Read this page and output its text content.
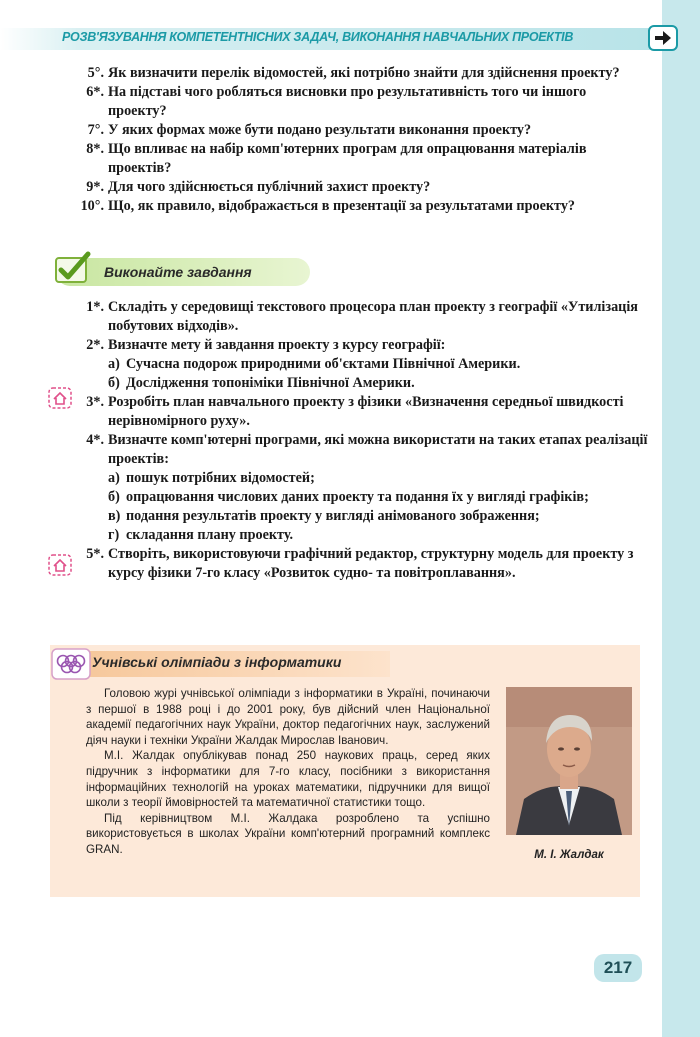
РОЗВ'ЯЗУВАННЯ КОМПЕТЕНТНІСНИХ ЗАДАЧ, ВИКОНАННЯ НАВЧАЛЬНИХ ПРОЕКТІВ
5°. Як визначити перелік відомостей, які потрібно знайти для здійснення проекту?
6*. На підставі чого робляться висновки про результативність того чи іншого проекту?
7°. У яких формах може бути подано результати виконання проекту?
8*. Що впливає на набір комп'ютерних програм для опрацювання матеріалів проектів?
9*. Для чого здійснюється публічний захист проекту?
10°. Що, як правило, відображається в презентації за результатами проекту?
Виконайте завдання
1*. Складіть у середовищі текстового процесора план проекту з географії «Утилізація побутових відходів».
2*. Визначте мету й завдання проекту з курсу географії:
а) Сучасна подорож природними об'єктами Північної Америки.
б) Дослідження топоніміки Північної Америки.
3*. Розробіть план навчального проекту з фізики «Визначення середньої швидкості нерівномірного руху».
4*. Визначте комп'ютерні програми, які можна використати на таких етапах реалізації проектів:
а) пошук потрібних відомостей;
б) опрацювання числових даних проекту та подання їх у вигляді графіків;
в) подання результатів проекту у вигляді анімованого зображення;
г) складання плану проекту.
5*. Створіть, використовуючи графічний редактор, структурну модель для проекту з курсу фізики 7-го класу «Розвиток судно- та повітроплавання».
Учнівські олімпіади з інформатики

Головою журі учнівської олімпіади з інформатики в Україні, починаючи з першої в 1988 році і до 2001 року, був дійсний член Національної академії педагогічних наук України, доктор педагогічних наук, заслужений діяч науки і техніки України Жалдак Мирослав Іванович.

М.І. Жалдак опублікував понад 250 наукових праць, серед яких підручник з інформатики для 7-го класу, посібники з використання інформаційних технологій на уроках математики, підручники для вищої школи з теорії ймовірностей та математичної статистики тощо.

Під керівництвом М.І. Жалдака розроблено та успішно використовується в школах України комп'ютерний програмний комплекс GRAN.	М. І. Жалдак
217
